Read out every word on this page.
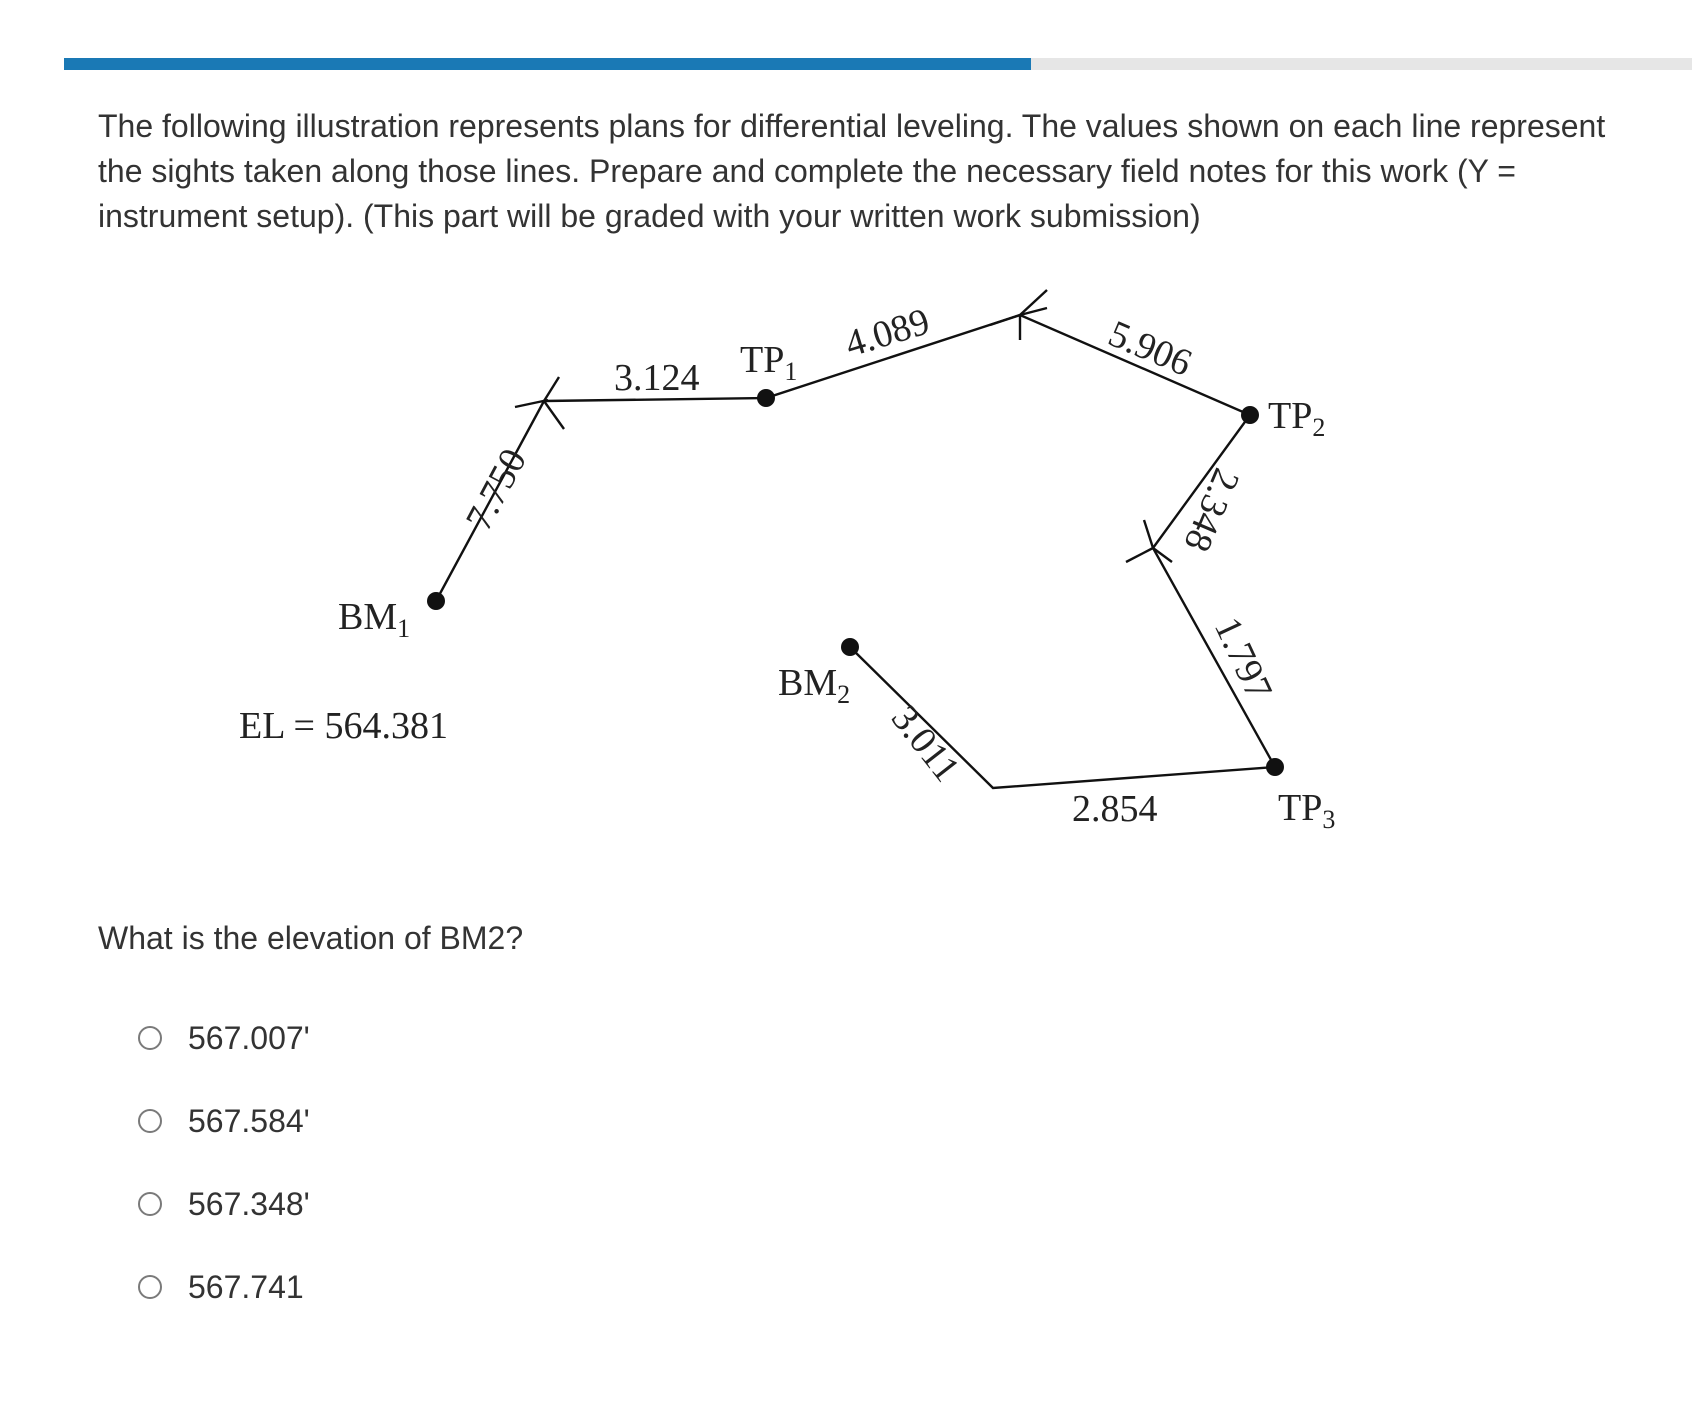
The following illustration represents plans for differential leveling. The values shown on each line represent the sights taken along those lines. Prepare and complete the necessary field notes for this work (Y = instrument setup). (This part will be graded with your written work submission)
$BM_1$
$TP_1$
$TP_2$
$TP_3$
$BM_2$
EL = 564.381
7.750
3.124
4.089	5.906
2.348
1.797
2.854
3.011
What is the elevation of BM2?
567.007'
567.584'
567.348'
567.741
